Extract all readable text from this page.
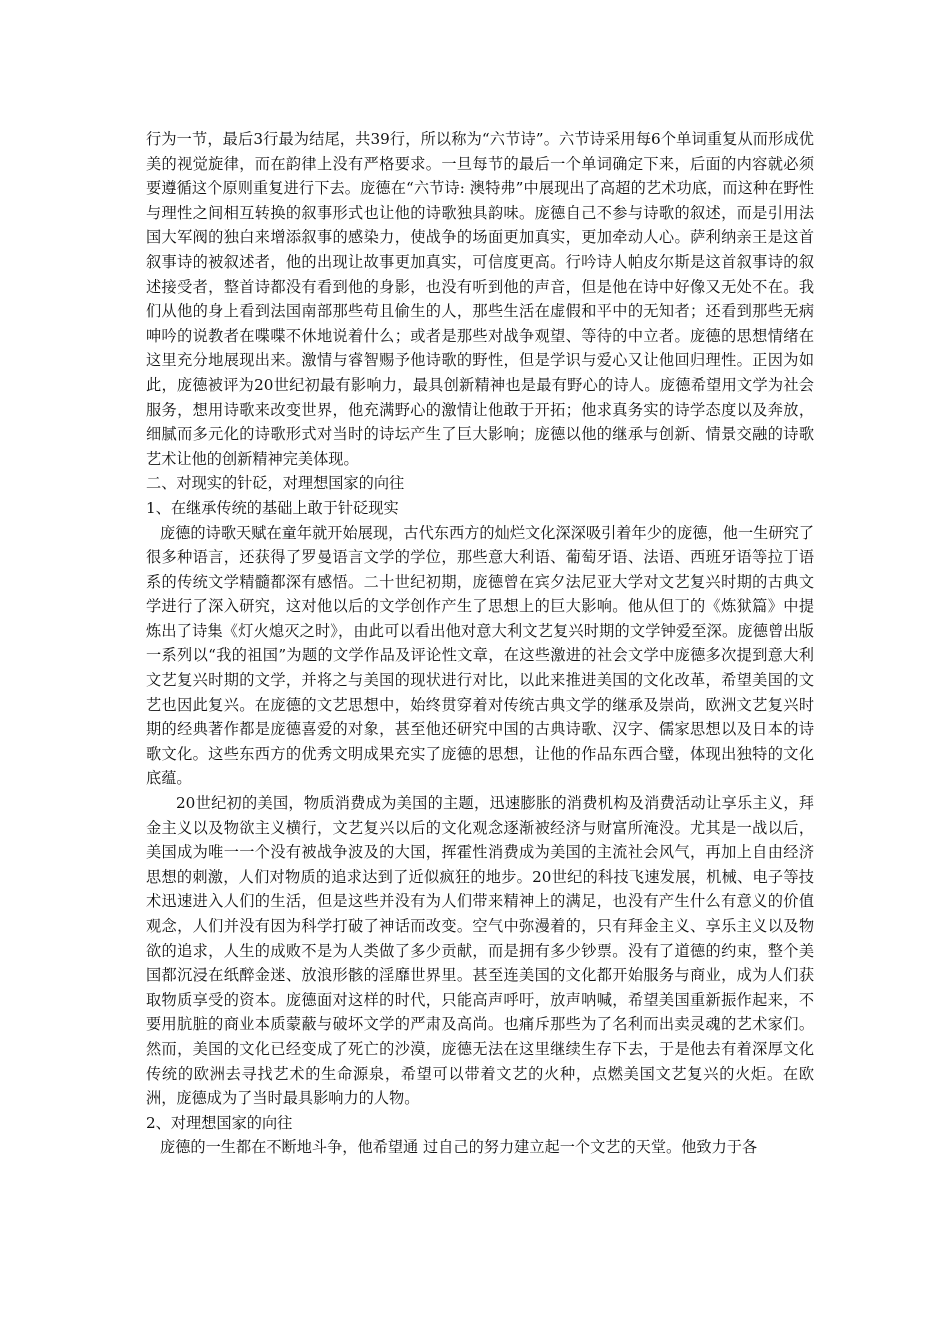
行为一节，最后3行最为结尾，共39行，所以称为“六节诗”。六节诗采用每6个单词重复从而形成优美的视觉旋律，而在韵律上没有严格要求。一旦每节的最后一个单词确定下来，后面的内容就必须要遵循这个原则重复进行下去。庞德在“六节诗: 澳特弗”中展现出了高超的艺术功底，而这种在野性与理性之间相互转换的叙事形式也让他的诗歌独具韵味。庞德自己不参与诗歌的叙述，而是引用法国大军阀的独白来增添叙事的感染力，使战争的场面更加真实，更加牵动人心。萨利纳亲王是这首叙事诗的被叙述者，他的出现让故事更加真实，可信度更高。行吟诗人帕皮尔斯是这首叙事诗的叙述接受者，整首诗都没有看到他的身影，也没有听到他的声音，但是他在诗中好像又无处不在。我们从他的身上看到法国南部那些苟且偷生的人，那些生活在虚假和平中的无知者；还看到那些无病呻吟的说教者在喋喋不休地说着什么；或者是那些对战争观望、等待的中立者。庞德的思想情绪在这里充分地展现出来。激情与睿智赐予他诗歌的野性，但是学识与爱心又让他回归理性。正因为如此，庞德被评为20世纪初最有影响力，最具创新精神也是最有野心的诗人。庞德希望用文学为社会服务，想用诗歌来改变世界，他充满野心的激情让他敢于开拓；他求真务实的诗学态度以及奔放，细腻而多元化的诗歌形式对当时的诗坛产生了巨大影响；庞德以他的继承与创新、情景交融的诗歌艺术让他的创新精神完美体现。

二、对现实的针砭，对理想国家的向往

1、在继承传统的基础上敢于针砭现实

庞德的诗歌天赋在童年就开始展现，古代东西方的灿烂文化深深吸引着年少的庞德，他一生研究了很多种语言，还获得了罗曼语言文学的学位，那些意大利语、葡萄牙语、法语、西班牙语等拉丁语系的传统文学精髓都深有感悟。二十世纪初期，庞德曾在宾夕法尼亚大学对文艺复兴时期的古典文学进行了深入研究，这对他以后的文学创作产生了思想上的巨大影响。他从但丁的《炼狱篇》中提炼出了诗集《灯火熄灭之时》，由此可以看出他对意大利文艺复兴时期的文学钟爱至深。庞德曾出版一系列以“我的祖国”为题的文学作品及评论性文章，在这些激进的社会文学中庞德多次提到意大利文艺复兴时期的文学，并将之与美国的现状进行对比，以此来推进美国的文化改革，希望美国的文艺也因此复兴。在庞德的文艺思想中，始终贯穿着对传统古典文学的继承及崇尚，欧洲文艺复兴时期的经典著作都是庞德喜爱的对象，甚至他还研究中国的古典诗歌、汉字、儒家思想以及日本的诗歌文化。这些东西方的优秀文明成果充实了庞德的思想，让他的作品东西合璧，体现出独特的文化底蕴。

20世纪初的美国，物质消费成为美国的主题，迅速膨胀的消费机构及消费活动让享乐主义，拜金主义以及物欲主义横行，文艺复兴以后的文化观念逐渐被经济与财富所淹没。尤其是一战以后，美国成为唯一一个没有被战争波及的大国，挥霍性消费成为美国的主流社会风气，再加上自由经济思想的刺激，人们对物质的追求达到了近似疯狂的地步。20世纪的科技飞速发展，机械、电子等技术迅速进入人们的生活，但是这些并没有为人们带来精神上的满足，也没有产生什么有意义的价值观念，人们并没有因为科学打破了神话而改变。空气中弥漫着的，只有拜金主义、享乐主义以及物欲的追求，人生的成败不是为人类做了多少贡献，而是拥有多少钞票。没有了道德的约束，整个美国都沉浸在纸醉金迷、放浪形骸的淫靡世界里。甚至连美国的文化都开始服务与商业，成为人们获取物质享受的资本。庞德面对这样的时代，只能高声呼吁，放声呐喊，希望美国重新振作起来，不要用肮脏的商业本质蒙蔽与破坏文学的严肃及高尚。也痛斥那些为了名利而出卖灵魂的艺术家们。然而，美国的文化已经变成了死亡的沙漠，庞德无法在这里继续生存下去，于是他去有着深厚文化传统的欧洲去寻找艺术的生命源泉，希望可以带着文艺的火种，点燃美国文艺复兴的火炬。在欧洲，庞德成为了当时最具影响力的人物。

2、对理想国家的向往

庞德的一生都在不断地斗争，他希望通 过自己的努力建立起一个文艺的天堂。他致力于各
